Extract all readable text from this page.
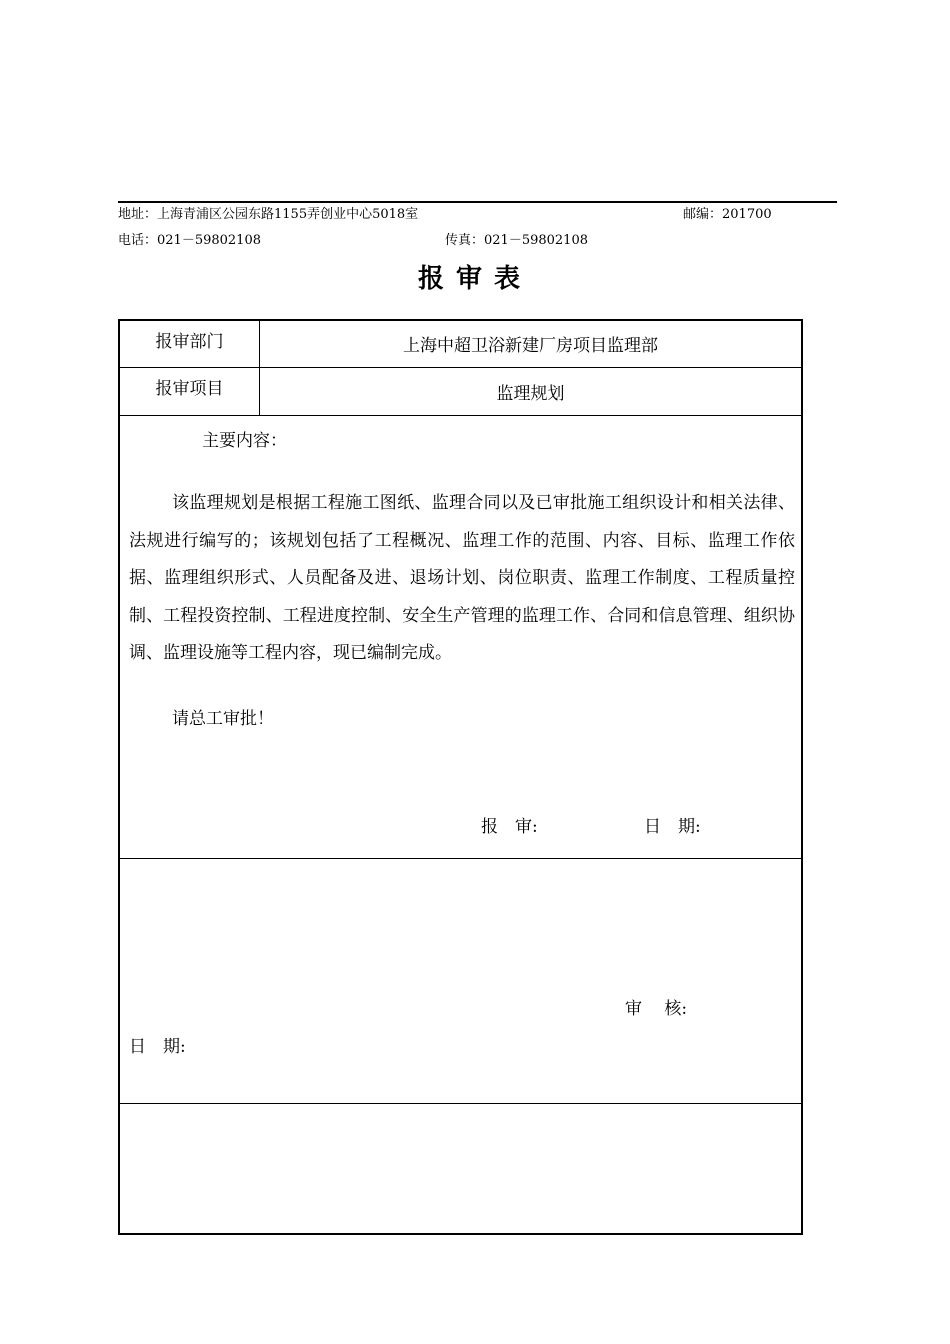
地址：上海青浦区公园东路1155弄创业中心5018室	邮编：201700
电话：021－59802108	传真：021－59802108
报审表
报审部门	上海中超卫浴新建厂房项目监理部
报审项目	监理规划
主要内容：

该监理规划是根据工程施工图纸、监理合同以及已审批施工组织设计和相关法律、法规进行编写的；该规划包括了工程概况、监理工作的范围、内容、目标、监理工作依据、监理组织形式、人员配备及进、退场计划、岗位职责、监理工作制度、工程质量控制、工程投资控制、工程进度控制、安全生产管理的监理工作、合同和信息管理、组织协调、监理设施等工程内容，现已编制完成。

请总工审批！
报　审:	日　期:
审　 核:
日　期:
